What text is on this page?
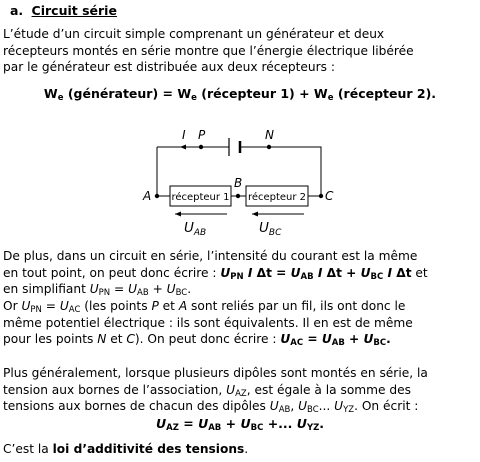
a. Circuit série

L’étude d’un circuit simple comprenant un générateur et deux
récepteurs montés en série montre que l’énergie électrique libérée
par le générateur est distribuée aux deux récepteurs :

$W_e$ (générateur) = $W_e$ (récepteur $1) + W_e$ (récepteur 2).
I P	N
A
B
C
récepteur 1 récepteur 2
$U_{AB}$	$U_{BC}$

De plus, dans un circuit en série, l’intensité du courant est la même
en tout point, on peut donc écrire : $U_{PN}$ I $\Delta t = U_{AB}$ I $\Delta t + U_{BC}$ I Δt et
en simplifiant $U_{PN} = U_{AB} + U_{BC}$.

Or $U_{PN} = U_{AC}$ (les points P et A sont reliés par un fil, ils ont donc le
même potentiel électrique : ils sont équivalents. Il en est de même
pour les points N et C). On peut donc écrire : $U_{AC} = U_{AB} + U_{BC}$.

Plus généralement, lorsque plusieurs dipôles sont montés en série, la
tension aux bornes de l’association, $U_{AZ}$, est égale à la somme des
tensions aux bornes de chacun des dipôles $U_{AB}$, $U_{BC}$... $U_{YZ}$. On écrit :

$U_{AZ} = U_{AB} + U_{BC}$ +... $U_{YZ}$.

C’est la loi d’additivité des tensions.
